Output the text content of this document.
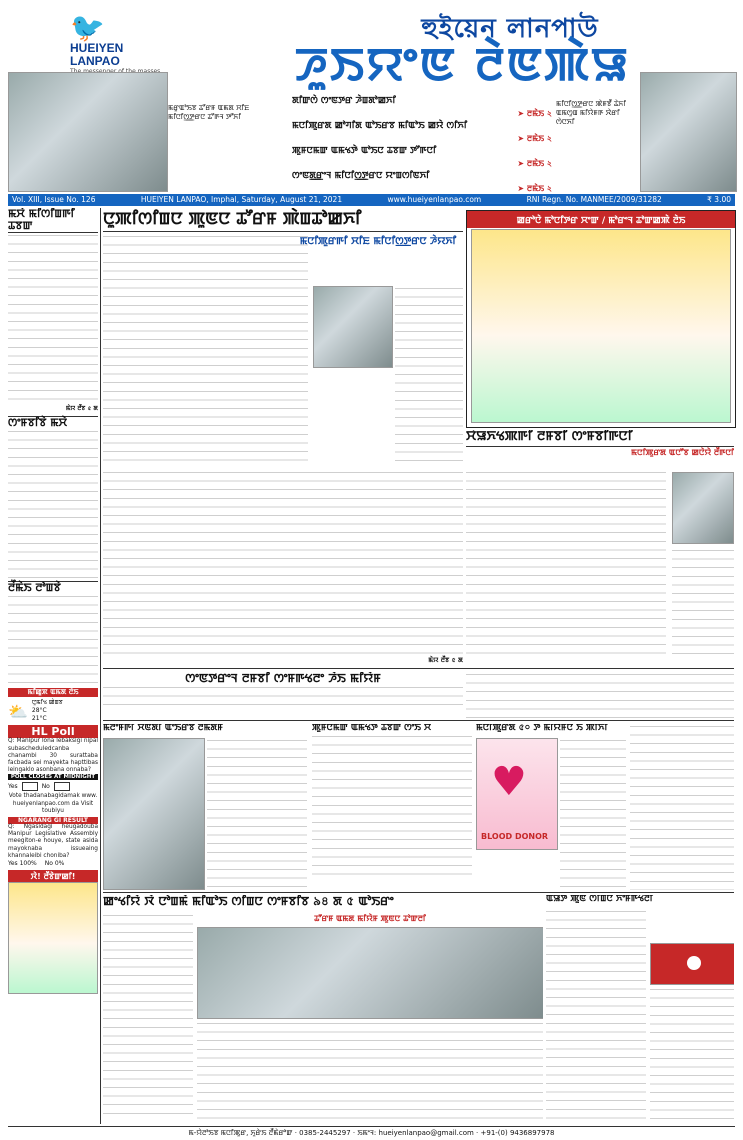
🐦
HUEIYEN
LANPAO
হুইয়েন লানপাউ
ꯍꯨꯏꯌꯦꯟ ꯂꯥꯟꯄꯥꯎ
ꯃꯔꯨꯑꯣꯏꯕ ꯊꯧꯔꯝ ꯑꯃꯗ ꯆꯤꯐ ꯃꯤꯅꯤꯁ꯭ꯇꯔꯅ ꯊꯧꯒꯜ ꯇꯧꯈꯤ
ꯗꯤꯛꯁꯥ ꯁꯦꯟꯇꯔ ꯍꯥꯡꯗꯣꯀꯈꯤ
➤ ꯂꯃꯥꯏ ২
ꯃꯅꯤꯄꯨꯔꯗ ꯀꯣꯚꯤꯗ ꯑꯣꯏꯔꯕ ꯃꯤꯑꯣꯏ ꯀꯌꯥ ꯁꯤꯈꯤ
➤ ꯂꯃꯥꯏ ২
ꯄꯨꯝꯅꯃꯛ ꯑꯃꯠꯇꯥ ꯑꯣꯏꯅ ꯊꯕꯛ ꯇꯧꯒꯅꯤ
➤ ꯂꯃꯥꯏ ২
ꯁꯦꯟꯗ꯭ꯔꯦꯜ ꯃꯤꯅꯤꯁ꯭ꯇꯔꯅ ꯌꯦꯡꯁꯤꯟꯈꯤ
➤ ꯂꯃꯥꯏ ২
ꯃꯤꯅꯤꯁ꯭ꯇꯔꯅ ꯄꯥꯝꯕꯩ ꯊꯥꯈꯤ ꯑꯃꯁꯨꯡ ꯃꯤꯌꯥꯝꯒ ꯋꯥꯔꯤ ꯁꯥꯅꯈꯤ
Vol. XIII, Issue No. 126	HUEIYEN LANPAO, Imphal, Saturday, August 21, 2021	www.hueiyenlanpao.com	RNI Regn. No. MANMEE/2009/31282	₹ 3.00
ꯃꯆꯥ ꯃꯤꯁꯤꯡꯒꯤ ꯊꯕꯛ
ꯃꯥꯌ ꯂꯩꯕ ৫ ꯗ
ꯁꯦꯝꯕꯤꯕꯥ ꯃꯆꯥ
ꯂꯩꯃꯥꯏ ꯂꯣꯡꯕꯥ
ꯃꯤꯀꯨꯞ ꯑꯃꯗ ꯂꯥꯏ
⛅ ꯅꯨꯃꯤꯠ ꯀꯥꯡꯕ
28°C
21°C
HL Poll
Q: Manipur lona lebaksigi nipal subascheduledcanba chanambi 30 surattaba facbada sei mayekta hapttibas leingaklo asonbana onnaba?
POLL CLOSES AT MIDNIGHT
Yes	No
Vote thadanabagidamak www. hueiyenlanpao.com da Visit toubiyu
NGARANG GI RESULT
Q: Ngasidagi heugadouba Manipur Legislative Assembly meegiton-e houye, state asida mayoknaba issueaing khannaleibi choniba?
Yes 100% No 0%
ꯋꯥ! ꯂꯩꯕꯥꯛꯀꯤ!
ꯅꯨꯄꯤꯁꯤꯡꯅ ꯄꯨꯟꯅ ꯊꯧꯔꯝ ꯄꯥꯡꯊꯣꯀꯈꯤ
ꯃꯅꯤꯄꯨꯔꯒꯤ ꯆꯤꯐ ꯃꯤꯅꯤꯁ꯭ꯇꯔꯅ ꯍꯥꯌꯈꯤ
ꯃꯥꯌ ꯂꯩꯕ ৫ ꯗ
ꯀꯔꯣꯅꯥ ꯃꯣꯅꯤꯇꯔ ꯆꯦꯛ / ꯃꯣꯔꯦꯜ ꯊꯣꯛꯀꯄꯥ ꯂꯥꯏ
ꯆꯥꯎꯈꯠꯄꯒꯤ ꯂꯝꯕꯤ ꯁꯦꯝꯕꯤꯒꯅꯤ
ꯃꯅꯤꯄꯨꯔꯗ ꯑꯅꯧꯕ ꯀꯅꯥꯌꯥ ꯂꯩꯒꯅꯤ
ꯁꯦꯟꯇꯔꯦꯜ ꯂꯝꯕꯤ ꯁꯦꯝꯒꯠꯂꯦ ꯍꯥꯏ ꯃꯤꯌꯥꯝ
ꯃꯥꯂꯦꯝꯒꯤ ꯆꯥꯟꯗꯤ ꯑꯣꯏꯔꯕ ꯂꯃꯗꯝ	ꯄꯨꯝꯅꯃꯛ ꯑꯃꯠꯇꯥ ꯊꯕꯛ ꯁꯣꯏ ꯆ	ꯃꯅꯤꯄꯨꯔꯗ ৫০ ꯇꯩ ꯃꯤꯌꯥꯝꯅ ꯏ ꯄꯤꯈꯤ
♥
BLOOD DONOR
ꯀꯦꯠꯤꯌꯥ ꯋꯥ ꯅꯣꯡꯃꯥ ꯃꯤꯑꯣꯏ ꯁꯤꯡꯅ ꯁꯦꯝꯕꯤꯕ ৯৪ ꯗ ৫ ꯑꯣꯏꯔꯦ
ꯊꯧꯔꯝ ꯑꯃꯗ ꯃꯤꯌꯥꯝ ꯄꯨꯟꯅ ꯊꯣꯛꯂꯤ
ꯑꯥꯎꯇ ꯄꯨꯟ ꯁꯤꯡꯅ ꯈꯣꯝꯒꯠꯂꯤ
ꯃ-ꯌꯥꯂꯣꯏꯕ ꯃꯅꯤꯄꯨꯔ, ꯈꯨꯔꯥꯏ ꯂꯩꯃꯥꯔꯣꯛ · 0385-2445297 · ꯏꯃꯦꯜ: hueiyenlanpao@gmail.com · +91-(0) 9436897978
